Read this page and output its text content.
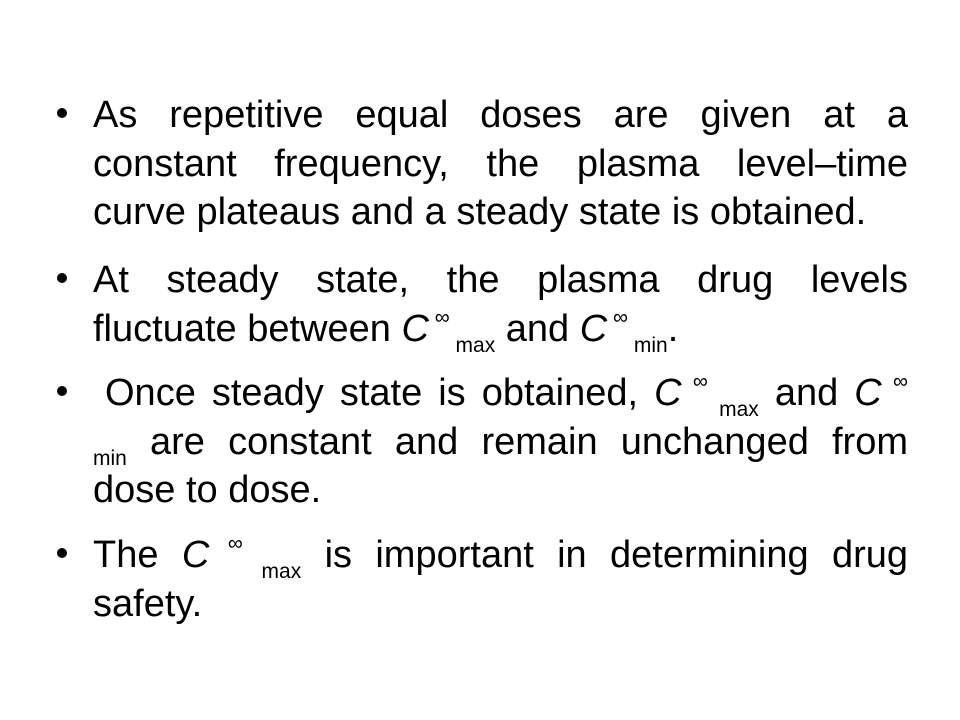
As repetitive equal doses are given at a
constant frequency, the plasma level–time
curve plateaus and a steady state is obtained.
At steady state, the plasma drug levels
fluctuate between C ∞ $_{max}$ and C ∞ $_{min}$.
Once steady state is obtained, C ∞ $_{max}$ and C ∞
$_{min}$ are constant and remain unchanged from
dose to dose.
The C ∞ $_{max}$ is important in determining drug
safety.
